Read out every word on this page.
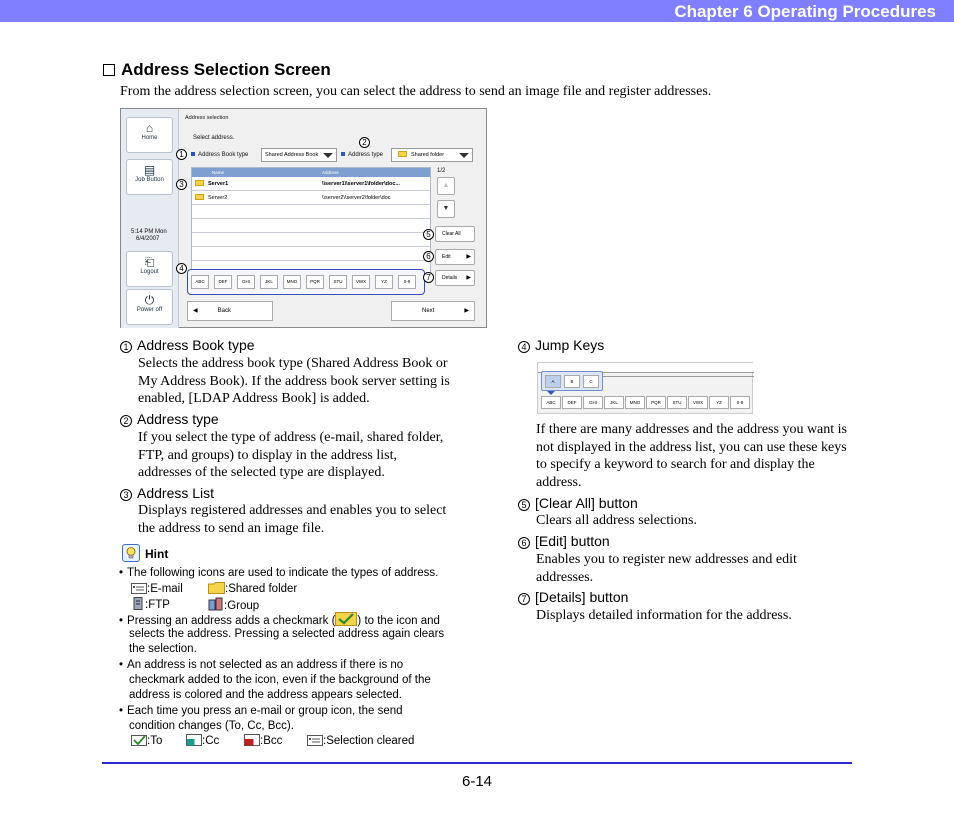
Chapter 6 Operating Procedures
Address Selection Screen
From the address selection screen, you can select the address to send an image file and register addresses.
⌂
Home
▤
Job Button
5:14 PM Mon
6/4/2007
⎗
Logout
⏻
Power off
Address selection
Select address.
Address Book type	Shared Address Book	Address type	Shared folder
Name	Address
Server1	\\server1\\server1\folder\doc...
Server2	\\server2\\server2\folder\doc
1/2
▲
▼
Clear All
Edit	▶
Details ▶
ABC	DEF	GHI	JKL	MNO	PQR	STU	VWX	YZ	0-9
◀	Back	Next	▶
1
2
3
4
5
6
7
1 Address Book type
Selects the address book type (Shared Address Book or
My Address Book). If the address book server setting is
enabled, [LDAP Address Book] is added.
2 Address type
If you select the type of address (e-mail, shared folder,
FTP, and groups) to display in the address list,
addresses of the selected type are displayed.
3 Address List
Displays registered addresses and enables you to select
the address to send an image file.
Hint
• The following icons are used to indicate the types of address.
:E-mail	:Shared folder
:FTP	:Group
• Pressing an address adds a checkmark ( ) to the icon and
selects the address. Pressing a selected address again clears
the selection.
• An address is not selected as an address if there is no
checkmark added to the icon, even if the background of the
address is colored and the address appears selected.
• Each time you press an e-mail or group icon, the send
condition changes (To, Cc, Bcc).
:To	:Cc	:Bcc	:Selection cleared
4 Jump Keys
A	B	C
ABC	DEF	GHI	JKL	MNO	PQR	STU	VWX	YZ	0-9
If there are many addresses and the address you want is
not displayed in the address list, you can use these keys
to specify a keyword to search for and display the
address.
5 [Clear All] button
Clears all address selections.
6 [Edit] button
Enables you to register new addresses and edit
addresses.
7 [Details] button
Displays detailed information for the address.
6-14
